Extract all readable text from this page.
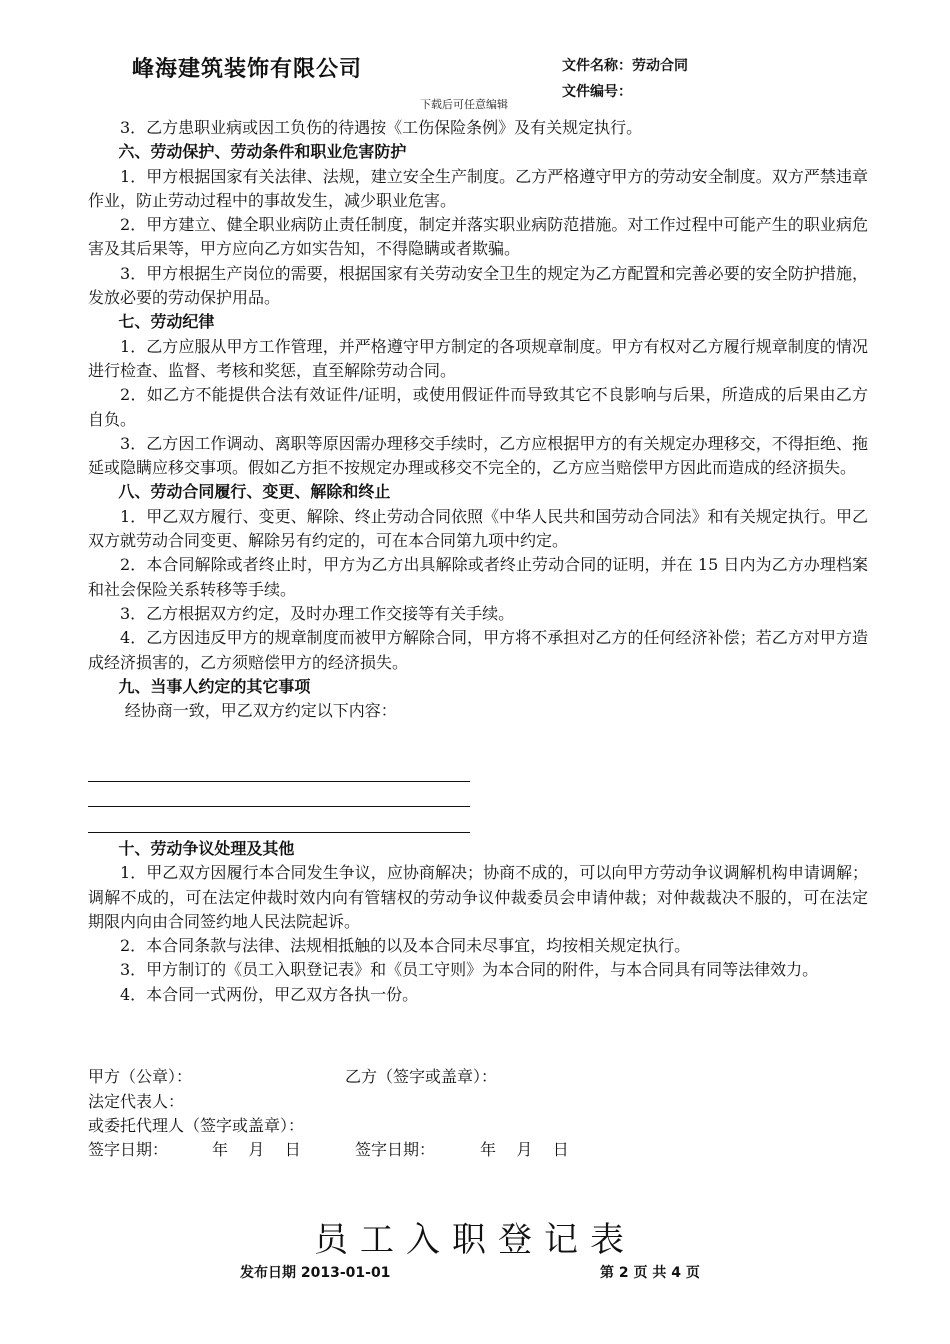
峰海建筑装饰有限公司	文件名称：劳动合同
文件编号：
下载后可任意编辑

3．乙方患职业病或因工负伤的待遇按《工伤保险条例》及有关规定执行。

六、劳动保护、劳动条件和职业危害防护

1．甲方根据国家有关法律、法规，建立安全生产制度。乙方严格遵守甲方的劳动安全制度。双方严禁违章作业，防止劳动过程中的事故发生，减少职业危害。

2．甲方建立、健全职业病防止责任制度，制定并落实职业病防范措施。对工作过程中可能产生的职业病危害及其后果等，甲方应向乙方如实告知，不得隐瞒或者欺骗。

3．甲方根据生产岗位的需要，根据国家有关劳动安全卫生的规定为乙方配置和完善必要的安全防护措施，发放必要的劳动保护用品。

七、劳动纪律

1．乙方应服从甲方工作管理，并严格遵守甲方制定的各项规章制度。甲方有权对乙方履行规章制度的情况进行检查、监督、考核和奖惩，直至解除劳动合同。

2．如乙方不能提供合法有效证件/证明，或使用假证件而导致其它不良影响与后果，所造成的后果由乙方自负。

3．乙方因工作调动、离职等原因需办理移交手续时，乙方应根据甲方的有关规定办理移交，不得拒绝、拖延或隐瞒应移交事项。假如乙方拒不按规定办理或移交不完全的，乙方应当赔偿甲方因此而造成的经济损失。

八、劳动合同履行、变更、解除和终止

1．甲乙双方履行、变更、解除、终止劳动合同依照《中华人民共和国劳动合同法》和有关规定执行。甲乙双方就劳动合同变更、解除另有约定的，可在本合同第九项中约定。

2．本合同解除或者终止时，甲方为乙方出具解除或者终止劳动合同的证明，并在 15 日内为乙方办理档案和社会保险关系转移等手续。

3．乙方根据双方约定，及时办理工作交接等有关手续。

4．乙方因违反甲方的规章制度而被甲方解除合同，甲方将不承担对乙方的任何经济补偿；若乙方对甲方造成经济损害的，乙方须赔偿甲方的经济损失。

九、当事人约定的其它事项

经协商一致，甲乙双方约定以下内容：

十、劳动争议处理及其他

1．甲乙双方因履行本合同发生争议，应协商解决；协商不成的，可以向甲方劳动争议调解机构申请调解；调解不成的，可在法定仲裁时效内向有管辖权的劳动争议仲裁委员会申请仲裁；对仲裁裁决不服的，可在法定期限内向由合同签约地人民法院起诉。

2．本合同条款与法律、法规相抵触的以及本合同未尽事宜，均按相关规定执行。

3．甲方制订的《员工入职登记表》和《员工守则》为本合同的附件，与本合同具有同等法律效力。

4．本合同一式两份，甲乙双方各执一份。

甲方（公章）：	乙方（签字或盖章）：
法定代表人：
或委托代理人（签字或盖章）：
签字日期：	年    月    日	签字日期：	年    月    日
员工入职登记表
发布日期 2013-01-01	第 2 页 共 4 页
